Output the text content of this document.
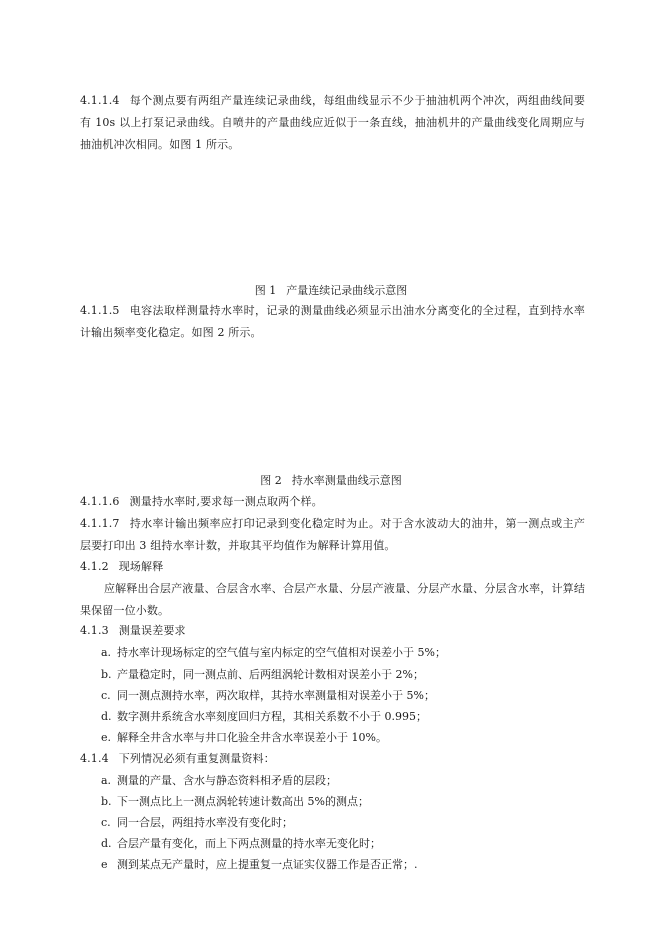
4.1.1.4 每个测点要有两组产量连续记录曲线，每组曲线显示不少于抽油机两个冲次，两组曲线间要有 10s 以上打泵记录曲线。自喷井的产量曲线应近似于一条直线，抽油机井的产量曲线变化周期应与抽油机冲次相同。如图 1 所示。
图 1 产量连续记录曲线示意图
4.1.1.5 电容法取样测量持水率时，记录的测量曲线必须显示出油水分离变化的全过程，直到持水率计输出频率变化稳定。如图 2 所示。
图 2 持水率测量曲线示意图
4.1.1.6 测量持水率时,要求每一测点取两个样。
4.1.1.7 持水率计输出频率应打印记录到变化稳定时为止。对于含水波动大的油井，第一测点或主产层要打印出 3 组持水率计数，并取其平均值作为解释计算用值。
4.1.2 现场解释
应解释出合层产液量、合层含水率、合层产水量、分层产液量、分层产水量、分层含水率，计算结果保留一位小数。
4.1.3 测量误差要求
a. 持水率计现场标定的空气值与室内标定的空气值相对误差小于 5%；
b. 产量稳定时，同一测点前、后两组涡轮计数相对误差小于 2%；
c. 同一测点测持水率，两次取样，其持水率测量相对误差小于 5%；
d. 数字测井系统含水率刻度回归方程，其相关系数不小于 0.995；
e. 解释全井含水率与井口化验全井含水率误差小于 10%。
4.1.4 下列情况必须有重复测量资料：
a. 测量的产量、含水与静态资料相矛盾的层段；
b. 下一测点比上一测点涡轮转速计数高出 5%的测点；
c. 同一合层，两组持水率没有变化时；
d. 合层产量有变化，而上下两点测量的持水率无变化时；
e 测到某点无产量时，应上提重复一点证实仪器工作是否正常；.
